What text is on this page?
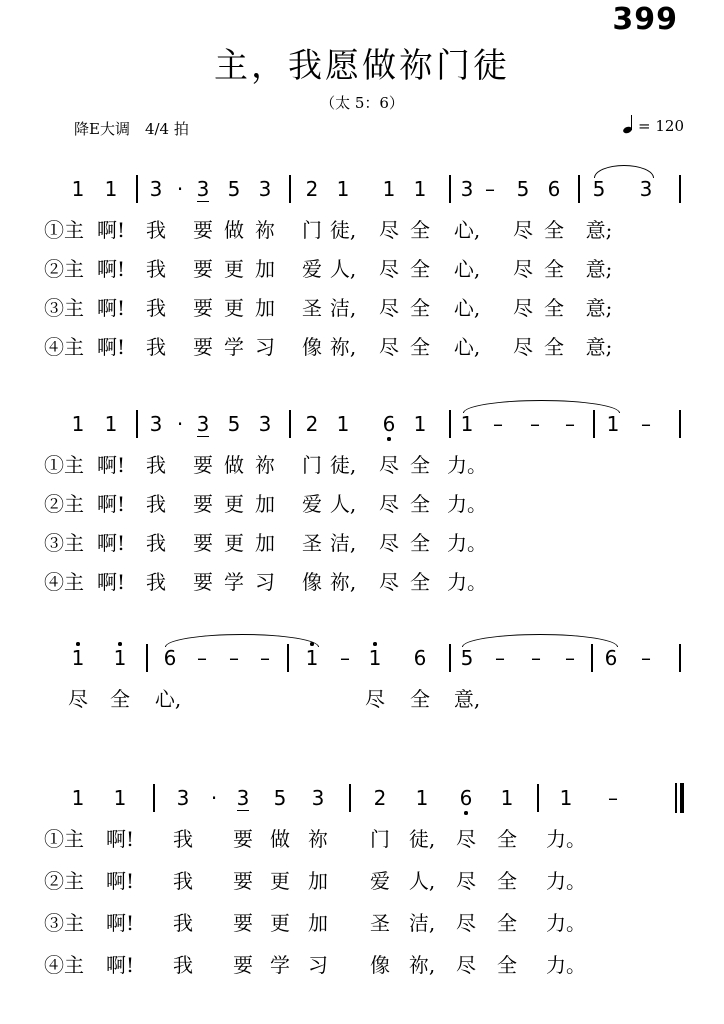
399
主，我愿做祢门徒
（太 5：6）
降E大调　4/4 拍	= 120
1 1 3 · 3 5 3 2 1 1 1 3 – 5 6 5 3
①主 啊! 我 要 做 祢 门 徒, 尽 全 心, 尽 全 意;
②主 啊! 我 要 更 加 爱 人, 尽 全 心, 尽 全 意;
③主 啊! 我 要 更 加 圣 洁, 尽 全 心, 尽 全 意;
④主 啊! 我 要 学 习 像 祢, 尽 全 心, 尽 全 意;
1 1 3 · 3 5 3 2 1 6 1 1 – – – 1 –
①主 啊! 我 要 做 祢 门 徒, 尽 全 力。
②主 啊! 我 要 更 加 爱 人, 尽 全 力。
③主 啊! 我 要 更 加 圣 洁, 尽 全 力。
④主 啊! 我 要 学 习 像 祢, 尽 全 力。
1 1 6 – – – 1 – 1 6 5 – – – 6 –
尽 全 心,	尽 全 意,
1 1	3 · 3 5 3 2 1 6 1 1 –
①主 啊! 我 要 做 祢 门 徒, 尽 全 力。
②主 啊! 我 要 更 加 爱 人, 尽 全 力。
③主 啊! 我 要 更 加 圣 洁, 尽 全 力。
④主 啊! 我 要 学 习 像 祢, 尽 全 力。
